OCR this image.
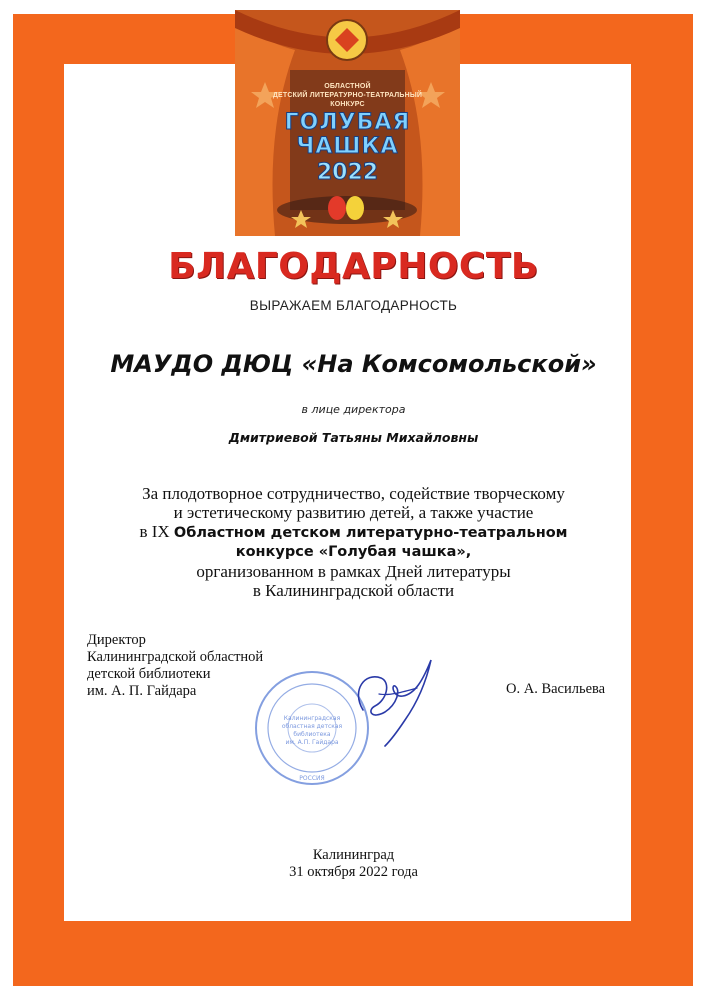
ОБЛАСТНОЙ
ДЕТСКИЙ ЛИТЕРАТУРНО-ТЕАТРАЛЬНЫЙ
КОНКУРС
ГОЛУБАЯ
ЧАШКА
2022
БЛАГОДАРНОСТЬ
ВЫРАЖАЕМ БЛАГОДАРНОСТЬ
МАУДО ДЮЦ «На Комсомольской»
в лице директора
Дмитриевой Татьяны Михайловны
За плодотворное сотрудничество, содействие творческому
и эстетическому развитию детей, а также участие
в IX Областном детском литературно-театральном
конкурсе «Голубая чашка»,
организованном в рамках Дней литературы
в Калининградской области
Директор
Калининградской областной
детской библиотеки
им. А. П. Гайдара
Калининградская
областная детская
библиотека
им. А.П. Гайдара
РОССИЯ
О. А. Васильева
Калининград
31 октября 2022 года
